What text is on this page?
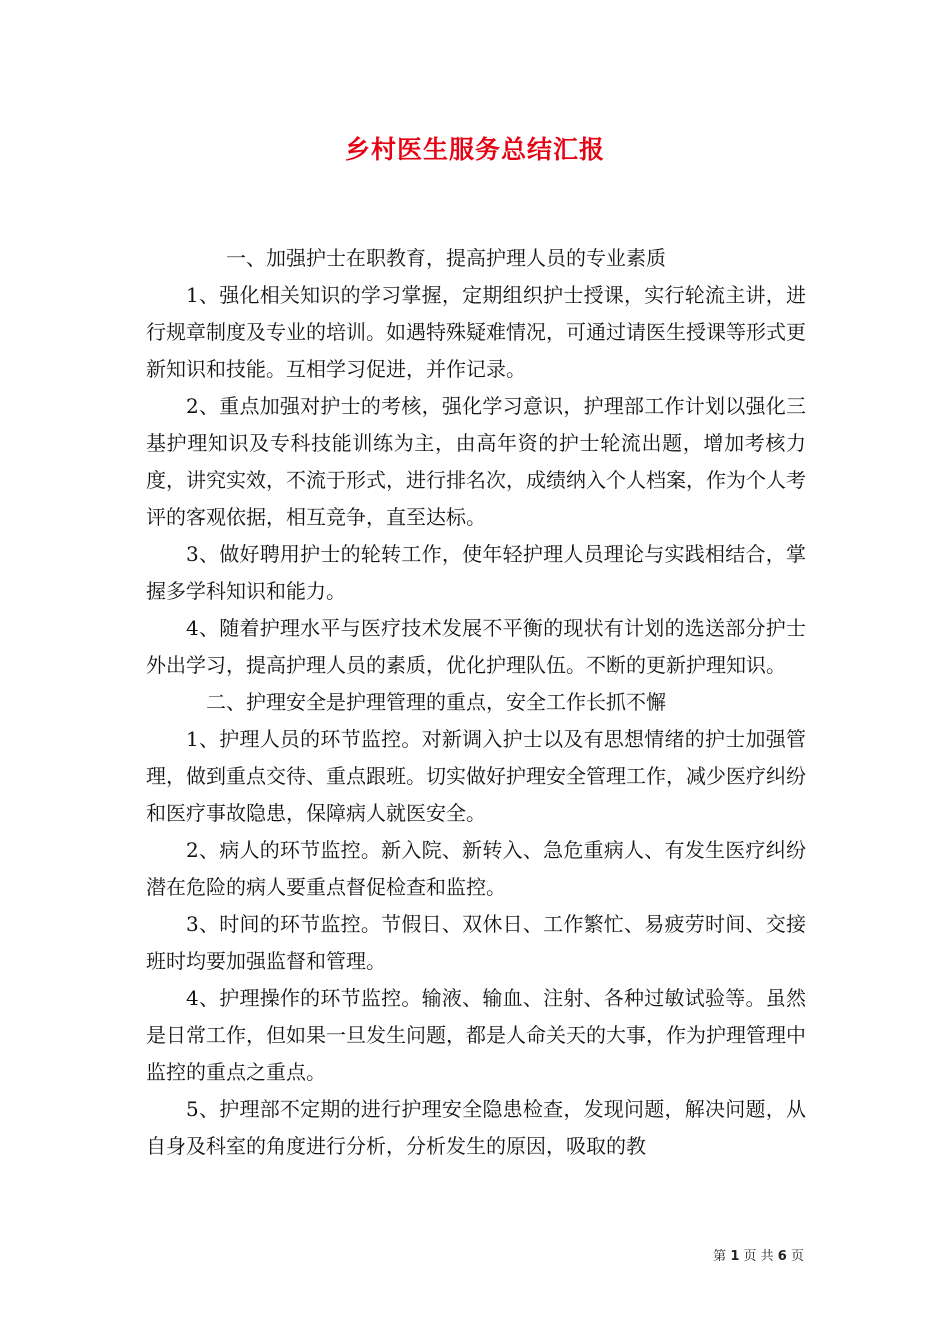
乡村医生服务总结汇报

一、加强护士在职教育，提高护理人员的专业素质

1、强化相关知识的学习掌握，定期组织护士授课，实行轮流主讲，进行规章制度及专业的培训。如遇特殊疑难情况，可通过请医生授课等形式更新知识和技能。互相学习促进，并作记录。

2、重点加强对护士的考核，强化学习意识，护理部工作计划以强化三基护理知识及专科技能训练为主，由高年资的护士轮流出题，增加考核力度，讲究实效，不流于形式，进行排名次，成绩纳入个人档案，作为个人考评的客观依据，相互竞争，直至达标。

3、做好聘用护士的轮转工作，使年轻护理人员理论与实践相结合，掌握多学科知识和能力。

4、随着护理水平与医疗技术发展不平衡的现状有计划的选送部分护士外出学习，提高护理人员的素质，优化护理队伍。不断的更新护理知识。

二、护理安全是护理管理的重点，安全工作长抓不懈

1、护理人员的环节监控。对新调入护士以及有思想情绪的护士加强管理，做到重点交待、重点跟班。切实做好护理安全管理工作，减少医疗纠纷和医疗事故隐患，保障病人就医安全。

2、病人的环节监控。新入院、新转入、急危重病人、有发生医疗纠纷潜在危险的病人要重点督促检查和监控。

3、时间的环节监控。节假日、双休日、工作繁忙、易疲劳时间、交接班时均要加强监督和管理。

4、护理操作的环节监控。输液、输血、注射、各种过敏试验等。虽然是日常工作，但如果一旦发生问题，都是人命关天的大事，作为护理管理中监控的重点之重点。

5、护理部不定期的进行护理安全隐患检查，发现问题，解决问题，从自身及科室的角度进行分析，分析发生的原因，吸取的教

第 1 页 共 6 页
